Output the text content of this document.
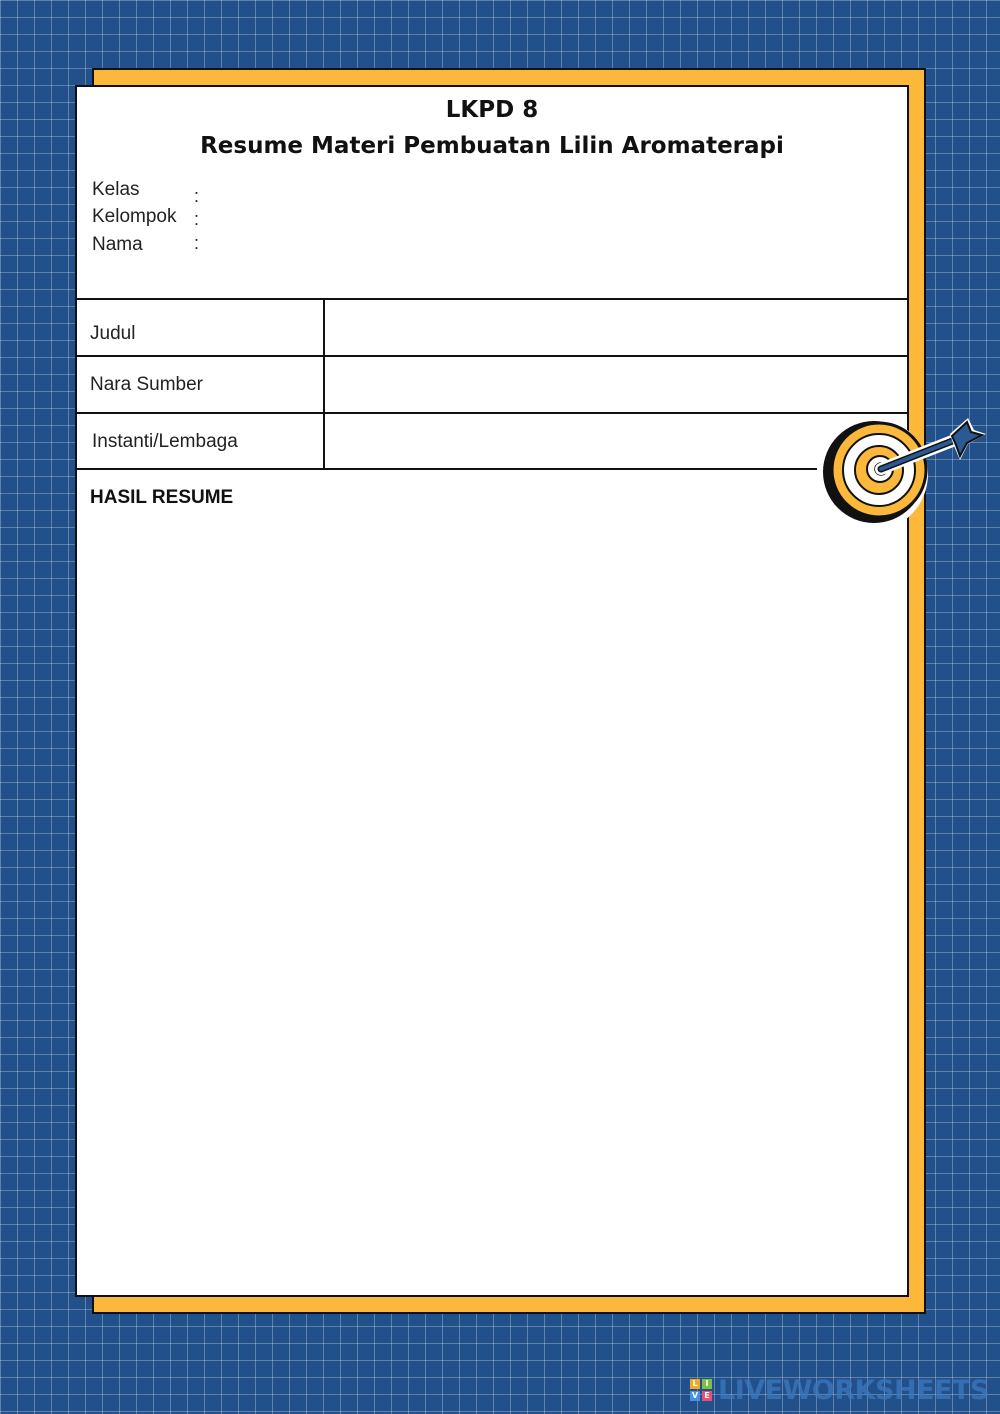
LKPD 8
Resume Materi Pembuatan Lilin Aromaterapi
Kelas	:
Kelompok :
Nama	:
Judul
Nara Sumber
Instanti/Lembaga
HASIL RESUME
L I
V E LIVEWORKSHEETS
